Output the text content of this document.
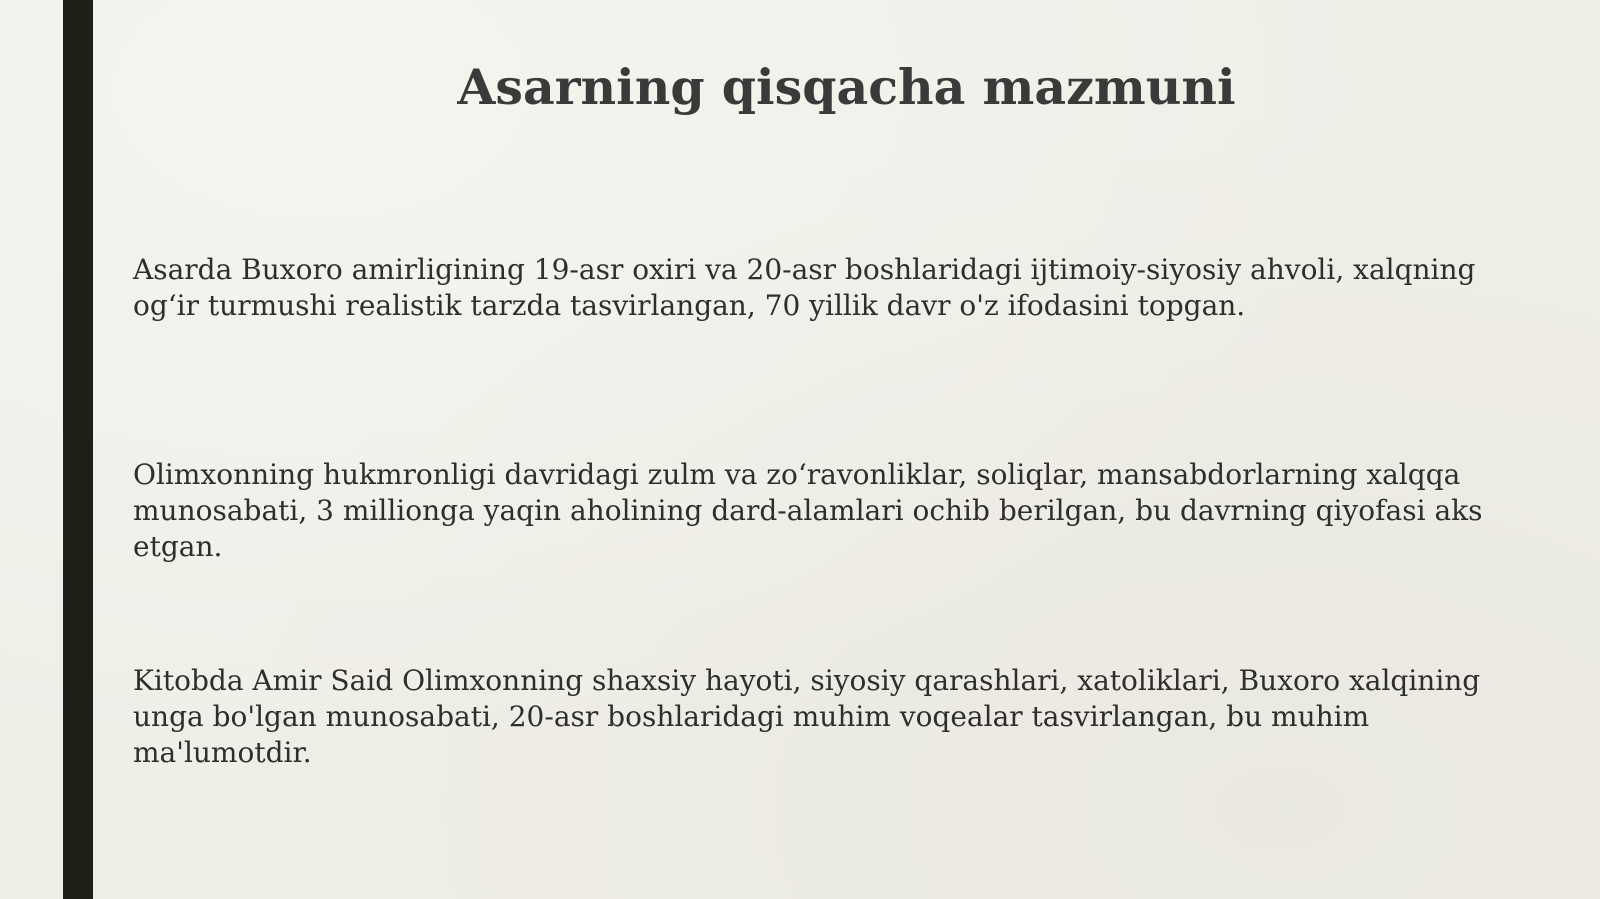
Asarning qisqacha mazmuni

Asarda Buxoro amirligining 19-asr oxiri va 20-asr boshlaridagi ijtimoiy-siyosiy ahvoli, xalqning og‘ir turmushi realistik tarzda tasvirlangan, 70 yillik davr o'z ifodasini topgan.

Olimxonning hukmronligi davridagi zulm va zo‘ravonliklar, soliqlar, mansabdorlarning xalqqa munosabati, 3 millionga yaqin aholining dard-alamlari ochib berilgan, bu davrning qiyofasi aks etgan.

Kitobda Amir Said Olimxonning shaxsiy hayoti, siyosiy qarashlari, xatoliklari, Buxoro xalqining unga bo'lgan munosabati, 20-asr boshlaridagi muhim voqealar tasvirlangan, bu muhim ma'lumotdir.
